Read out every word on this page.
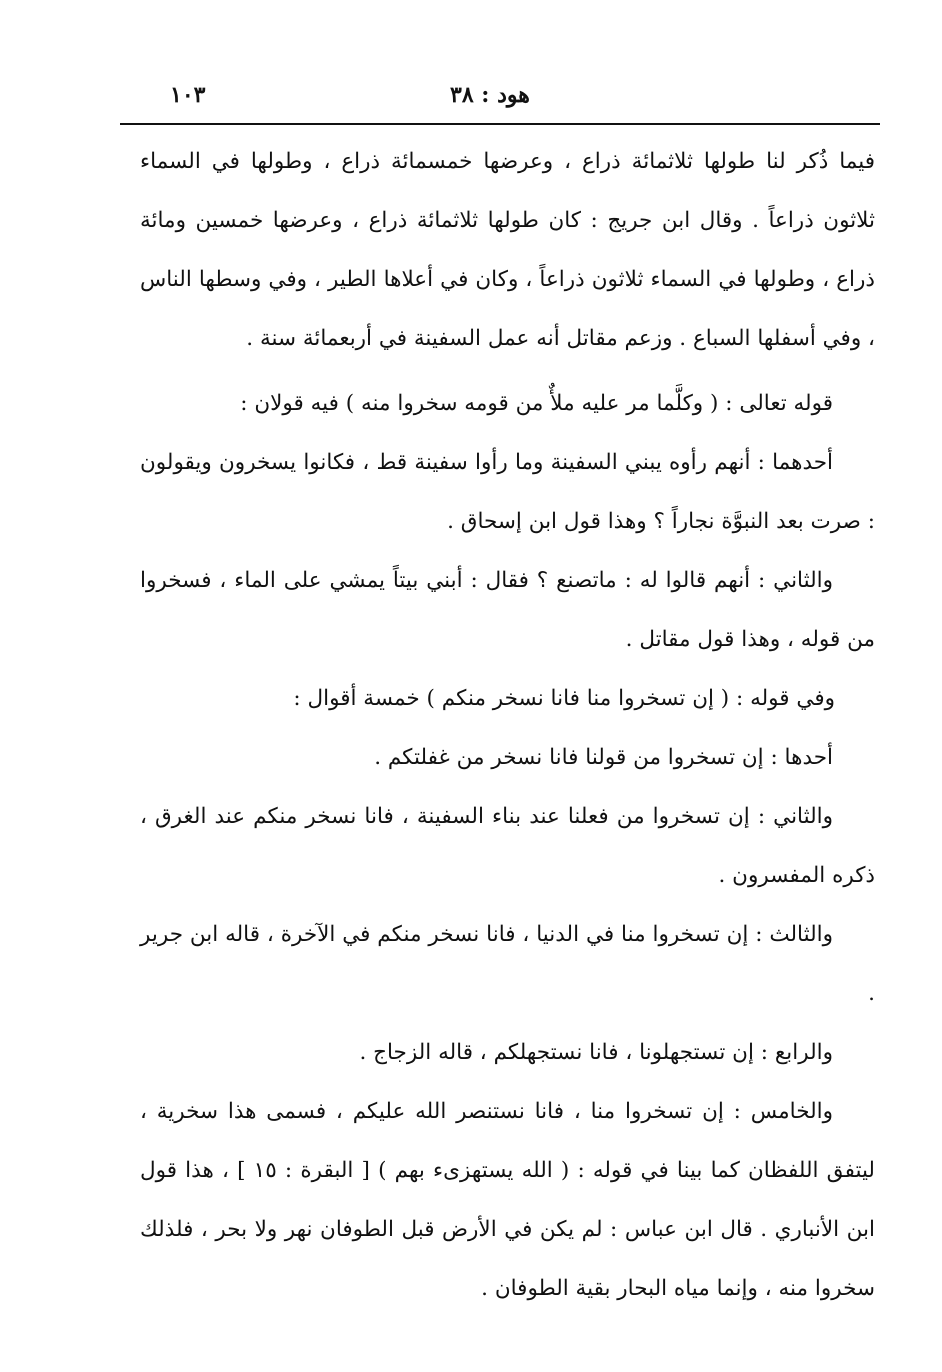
١٠٣	هود : ٣٨

فيما ذُكر لنا طولها ثلاثمائة ذراع ، وعرضها خمسمائة ذراع ، وطولها في السماء ثلاثون ذراعاً . وقال ابن جريج : كان طولها ثلاثمائة ذراع ، وعرضها خمسين ومائة ذراع ، وطولها في السماء ثلاثون ذراعاً ، وكان في أعلاها الطير ، وفي وسطها الناس ، وفي أسفلها السباع . وزعم مقاتل أنه عمل السفينة في أربعمائة سنة .

قوله تعالى : ( وكلَّما مر عليه ملأٌ من قومه سخروا منه ) فيه قولان :

أحدهما : أنهم رأوه يبني السفينة وما رأوا سفينة قط ، فكانوا يسخرون ويقولون : صرت بعد النبوَّة نجاراً ؟ وهذا قول ابن إسحاق .

والثاني : أنهم قالوا له : ماتصنع ؟ فقال : أبني بيتاً يمشي على الماء ، فسخروا من قوله ، وهذا قول مقاتل .

وفي قوله : ( إن تسخروا منا فانا نسخر منكم ) خمسة أقوال :

أحدها : إن تسخروا من قولنا فانا نسخر من غفلتكم .

والثاني : إن تسخروا من فعلنا عند بناء السفينة ، فانا نسخر منكم عند الغرق ، ذكره المفسرون .

والثالث : إن تسخروا منا في الدنيا ، فانا نسخر منكم في الآخرة ، قاله ابن جرير .

والرابع : إن تستجهلونا ، فانا نستجهلكم ، قاله الزجاج .

والخامس : إن تسخروا منا ، فانا نستنصر الله عليكم ، فسمى هذا سخرية ، ليتفق اللفظان كما بينا في قوله : ( الله يستهزىء بهم ) [ البقرة : ١٥ ] ، هذا قول ابن الأنباري . قال ابن عباس : لم يكن في الأرض قبل الطوفان نهر ولا بحر ، فلذلك سخروا منه ، وإنما مياه البحار بقية الطوفان .
